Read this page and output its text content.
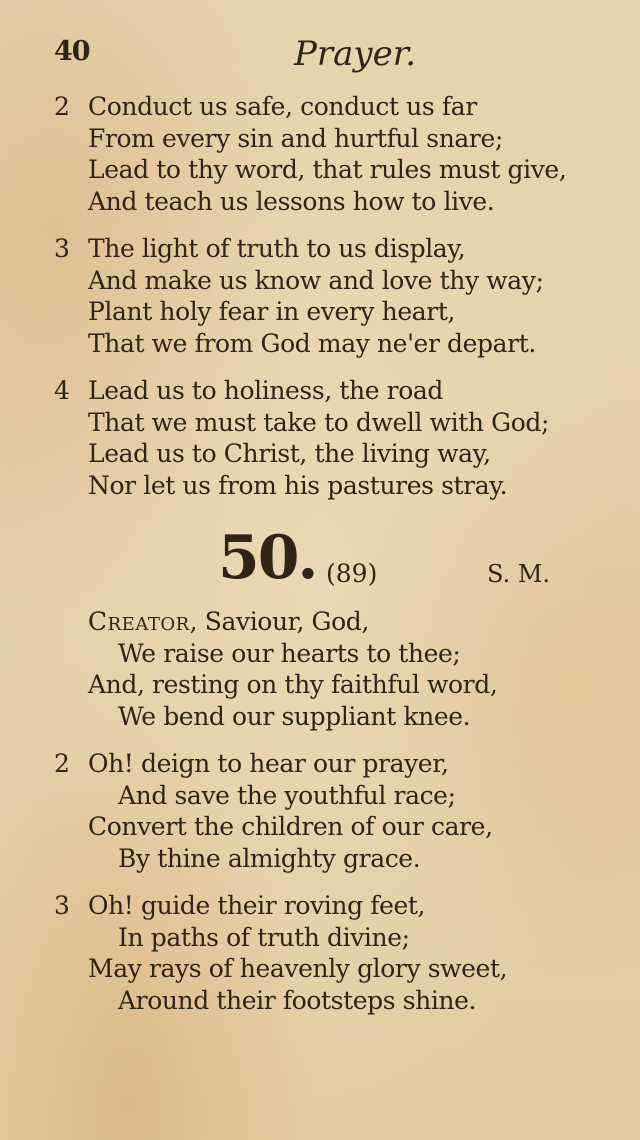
40	Prayer.
2 Conduct us safe, conduct us far
From every sin and hurtful snare;
Lead to thy word, that rules must give,
And teach us lessons how to live.
3 The light of truth to us display,
And make us know and love thy way;
Plant holy fear in every heart,
That we from God may ne'er depart.
4 Lead us to holiness, the road
That we must take to dwell with God;
Lead us to Christ, the living way,
Nor let us from his pastures stray.
50. (89)	S. M.
Creator, Saviour, God,
We raise our hearts to thee;
And, resting on thy faithful word,
We bend our suppliant knee.
2 Oh! deign to hear our prayer,
And save the youthful race;
Convert the children of our care,
By thine almighty grace.
3 Oh! guide their roving feet,
In paths of truth divine;
May rays of heavenly glory sweet,
Around their footsteps shine.
